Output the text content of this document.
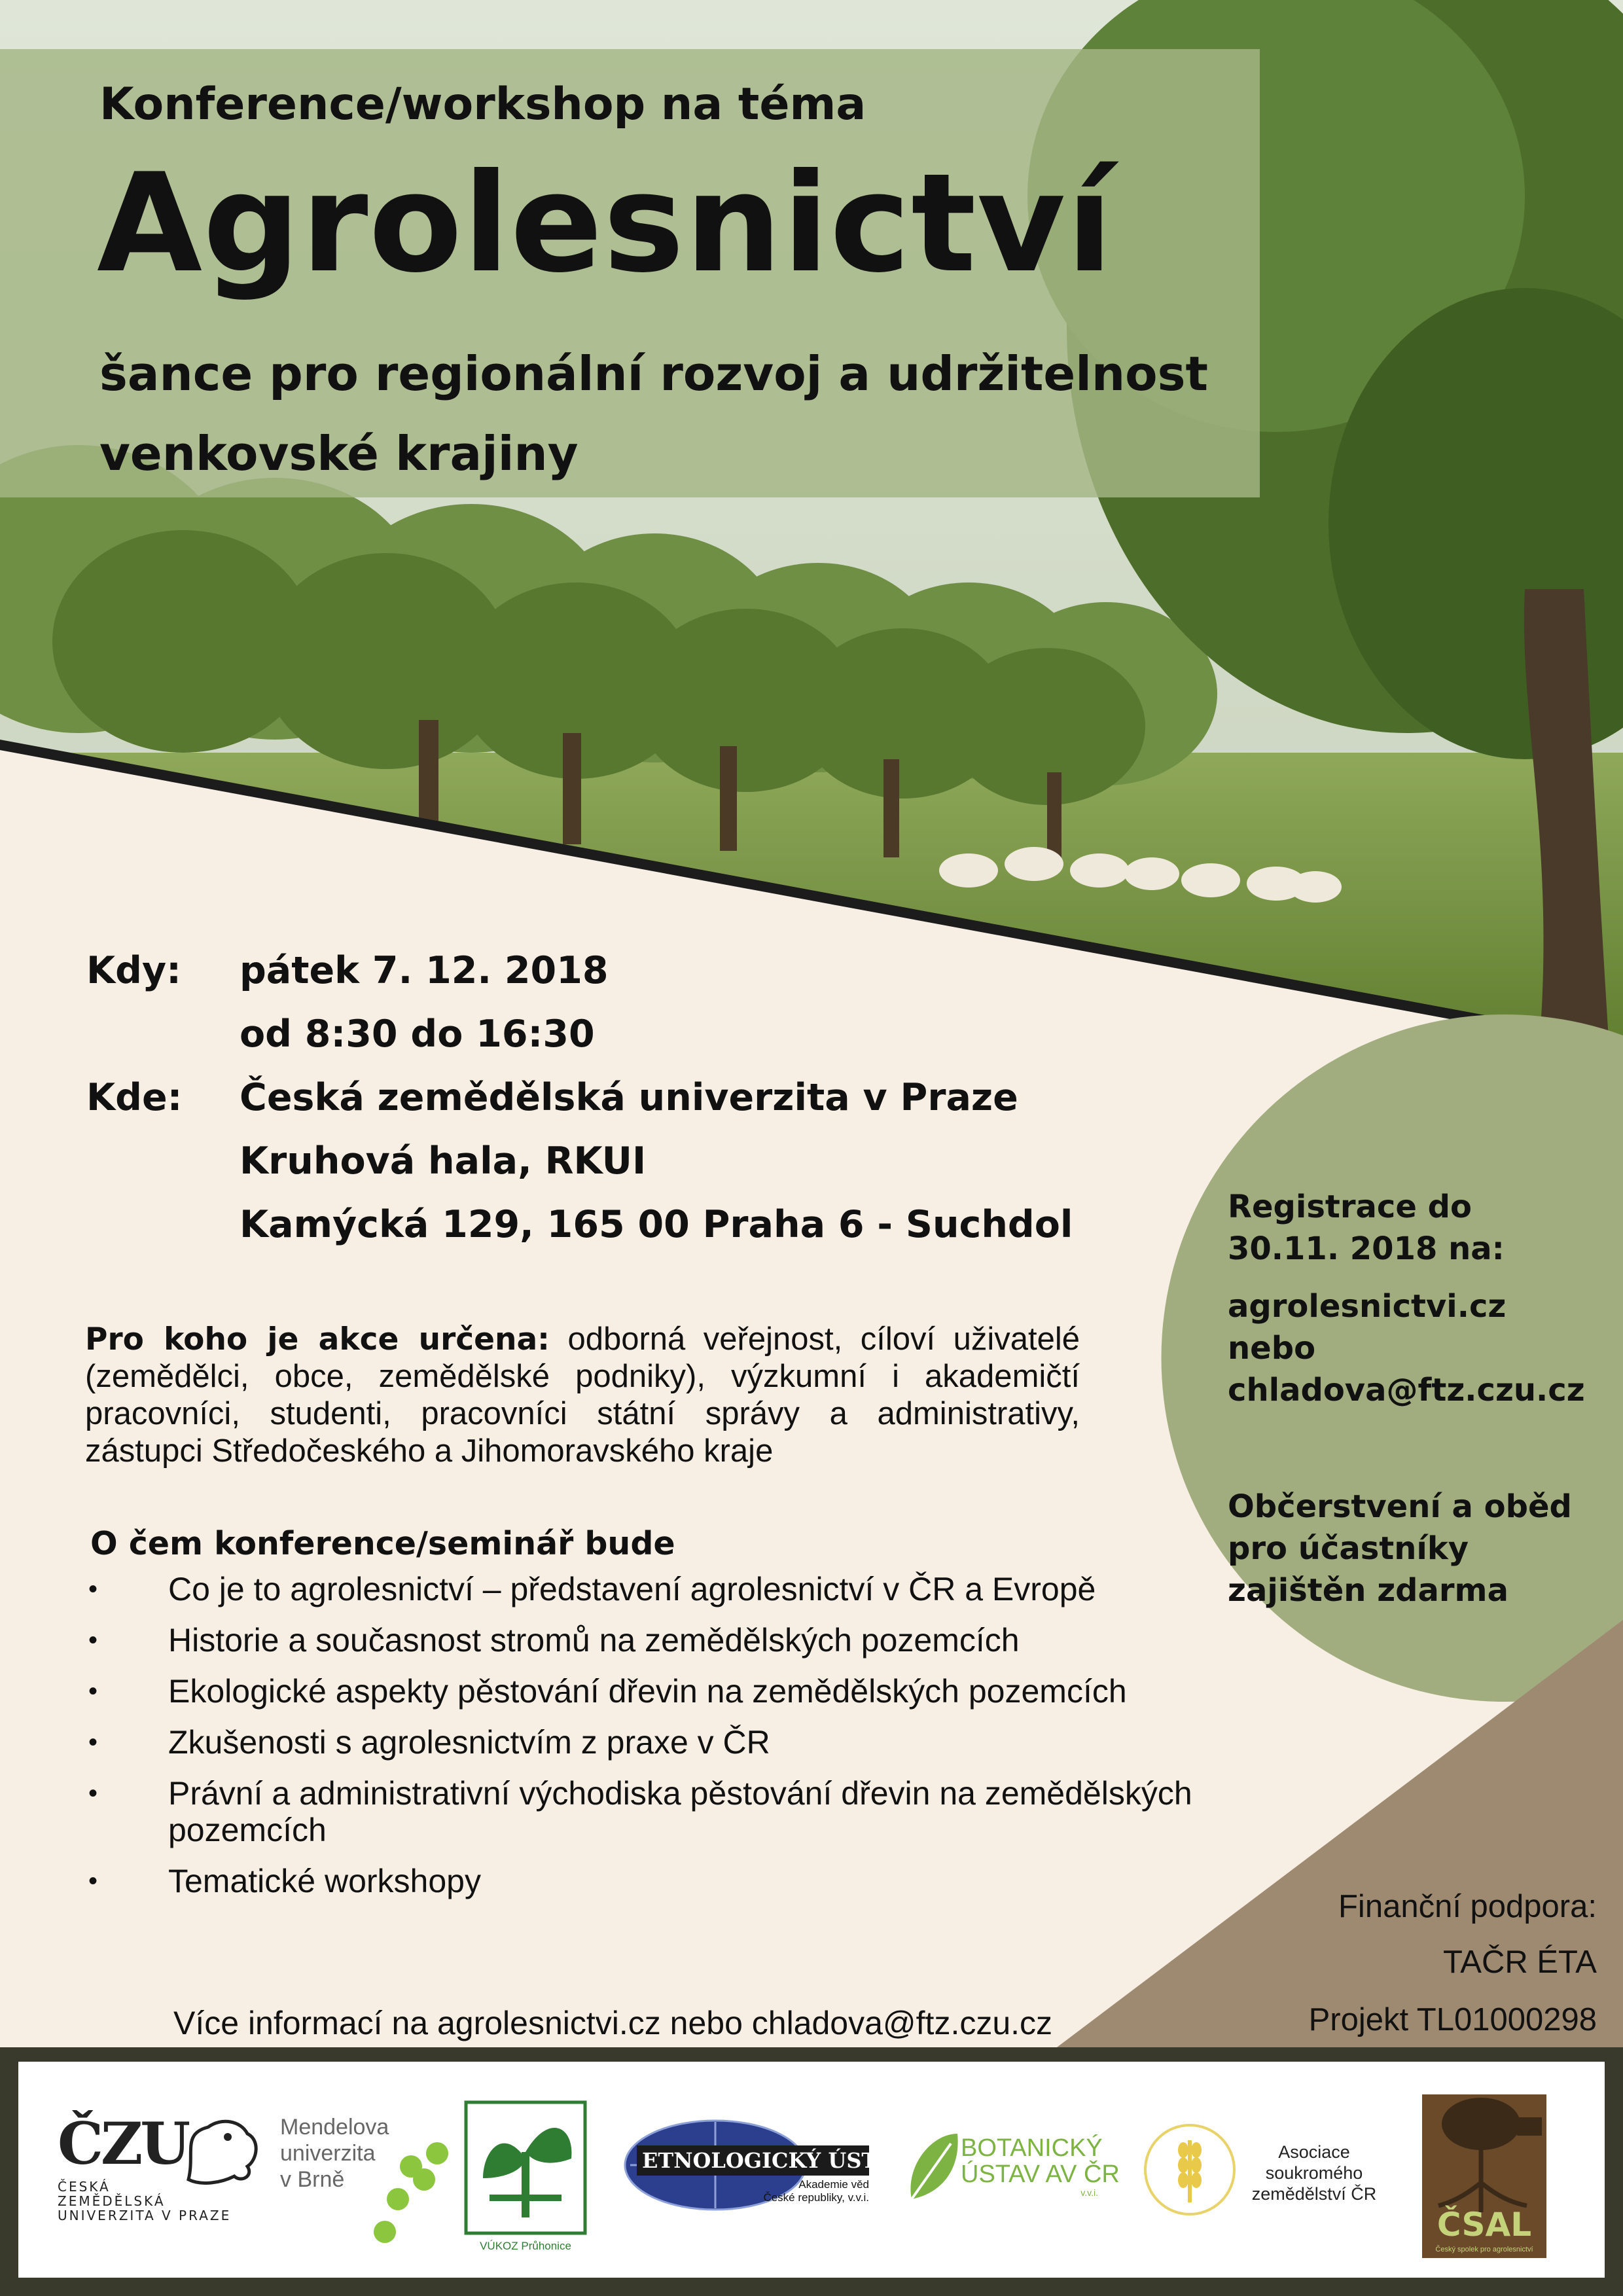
Konference/workshop na téma
Agrolesnictví
šance pro regionální rozvoj a udržitelnost
venkovské krajiny
Kdy: pátek 7. 12. 2018
od 8:30 do 16:30
Kde: Česká zemědělská univerzita v Praze
Kruhová hala, RKUI
Kamýcká 129, 165 00 Praha 6 - Suchdol
Pro koho je akce určena: odborná veřejnost, cíloví uživatelé (zemědělci, obce, zemědělské podniky), výzkumní i akademičtí pracovníci, studenti, pracovníci státní správy a administrativy, zástupci Středočeského a Jihomoravského kraje
O čem konference/seminář bude
• Co je to agrolesnictví – představení agrolesnictví v ČR a Evropě
• Historie a současnost stromů na zemědělských pozemcích
• Ekologické aspekty pěstování dřevin na zemědělských pozemcích
• Zkušenosti s agrolesnictvím z praxe v ČR
• Právní a administrativní východiska pěstování dřevin na zemědělských pozemcích
• Tematické workshopy
Registrace do
30.11. 2018 na:
agrolesnictvi.cz
nebo
chladova@ftz.czu.cz
Občerstvení a oběd
pro účastníky
zajištěn zdarma
Finanční podpora:
TAČR ÉTA
Projekt TL01000298
Více informací na agrolesnictvi.cz nebo chladova@ftz.czu.cz
ČZU
ČESKÁ
ZEMĚDĚLSKÁ
UNIVERZITA V PRAZE
Mendelova
univerzita
v Brně
VÚKOZ Průhonice
ETNOLOGICKÝ ÚSTAV
Akademie věd
České republiky, v.v.i.
BOTANICKÝ
ÚSTAV AV ČR
v.v.i.
Asociace
soukromého
zemědělství ČR
ČSAL
Český spolek pro agrolesnictví
